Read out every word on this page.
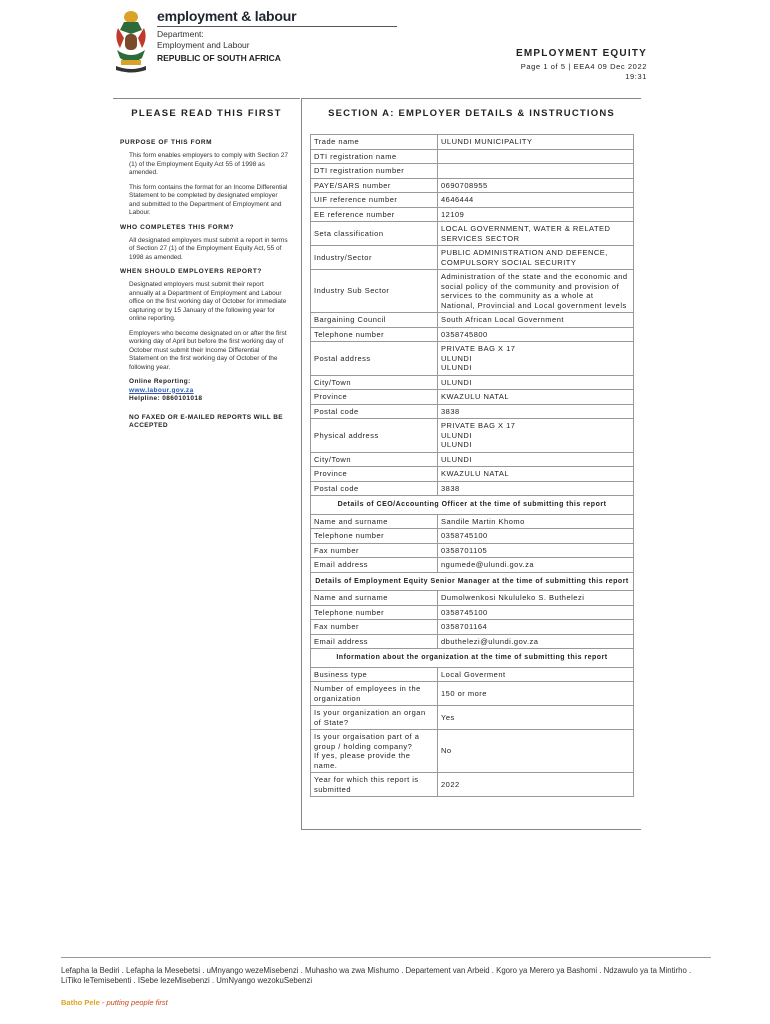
employment & labour
Department:
Employment and Labour
REPUBLIC OF SOUTH AFRICA	EMPLOYMENT EQUITY
Page 1 of 5 | EEA4 09 Dec 2022
19:31
PLEASE READ THIS FIRST
PURPOSE OF THIS FORM
This form enables employers to comply with Section 27 (1) of the Employment Equity Act 55 of 1998 as amended.
This form contains the format for an Income Differential Statement to be completed by designated employer and submitted to the Department of Employment and Labour.
WHO COMPLETES THIS FORM?
All designated employers must submit a report in terms of Section 27 (1) of the Employment Equity Act, 55 of 1998 as amended.
WHEN SHOULD EMPLOYERS REPORT?
Designated employers must submit their report annually at a Department of Employment and Labour office on the first working day of October for immediate capturing or by 15 January of the following year for online reporting.
Employers who become designated on or after the first working day of April but before the first working day of October must submit their Income Differential Statement on the first working day of October of the following year.
Online Reporting:
www.labour.gov.za
Helpline: 0860101018
NO FAXED OR E-MAILED REPORTS WILL BE ACCEPTED
SECTION A: EMPLOYER DETAILS & INSTRUCTIONS
Trade name	ULUNDI MUNICIPALITY
DTI registration name	
DTI registration number	
PAYE/SARS number	0690708955
UIF reference number	4646444
EE reference number	12109
Seta classification	LOCAL GOVERNMENT, WATER & RELATED SERVICES SECTOR
Industry/Sector	PUBLIC ADMINISTRATION AND DEFENCE, COMPULSORY SOCIAL SECURITY
Industry Sub Sector	Administration of the state and the economic and social policy of the community and provision of services to the community as a whole at National, Provincial and Local government levels
Bargaining Council	South African Local Government
Telephone number	0358745800
Postal address	PRIVATE BAG X 17
ULUNDI
ULUNDI
City/Town	ULUNDI
Province	KWAZULU NATAL
Postal code	3838
Physical address	PRIVATE BAG X 17
ULUNDI
ULUNDI
City/Town	ULUNDI
Province	KWAZULU NATAL
Postal code	3838
Details of CEO/Accounting Officer at the time of submitting this report	
Name and surname	Sandile Martin Khomo
Telephone number	0358745100
Fax number	0358701105
Email address	ngumede@ulundi.gov.za
Details of Employment Equity Senior Manager at the time of submitting this report	
Name and surname	Dumolwenkosi Nkululeko S. Buthelezi
Telephone number	0358745100
Fax number	0358701164
Email address	dbuthelezi@ulundi.gov.za
Information about the organization at the time of submitting this report	
Business type	Local Goverment
Number of employees in the organization	150 or more
Is your organization an organ of State?	Yes
Is your orgaisation part of a group / holding company?
If yes, please provide the name.	No
Year for which this report is submitted	2022
Lefapha la Bediri . Lefapha la Mesebetsi . uMnyango wezeMisebenzi . Muhasho wa zwa Mishumo . Departement van Arbeid . Kgoro ya Merero ya Bashomi . Ndzawulo ya ta Mintirho . LiTiko leTemisebenti . ISebe lezeMisebenzi . UmNyango wezokuSebenzi
Batho Pele - putting people first
